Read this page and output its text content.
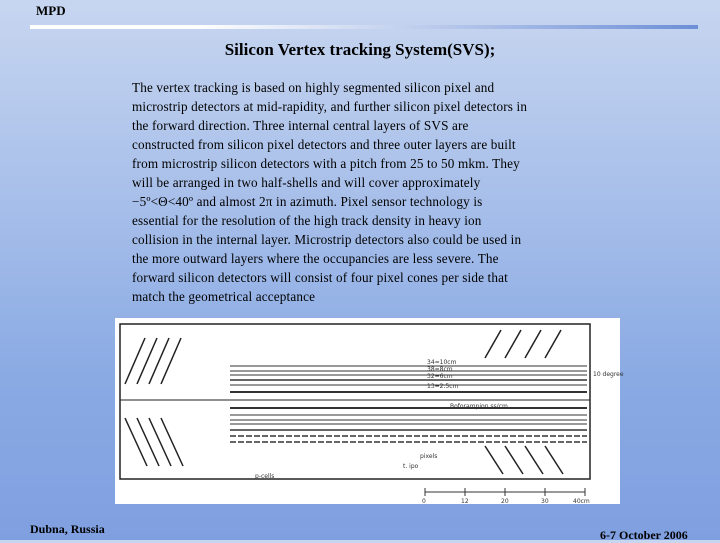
MPD
Silicon Vertex tracking System(SVS);
The vertex tracking is based on highly segmented silicon pixel and
microstrip detectors at mid-rapidity, and further silicon pixel detectors in
the forward direction. Three internal central layers of SVS are
constructed from silicon pixel detectors and three outer layers are built
from microstrip silicon detectors with a pitch from 25 to 50 mkm. They
will be arranged in two half-shells and will cover approximately
−5º<Θ<40º and almost 2π in azimuth. Pixel sensor technology is
essential for the resolution of the high track density in heavy ion
collision in the internal layer. Microstrip detectors also could be used in
the more outward layers where the occupancies are less severe. The
forward silicon detectors will consist of four pixel cones per side that
match the geometrical acceptance
34=10cm
38=8cm
32=6cm
13=2.5cm
10 degree
Boforampion ss/cm
pixels
t. ipo
p-cells
0	12	20	30	40cm
Dubna, Russia	6-7 October 2006
